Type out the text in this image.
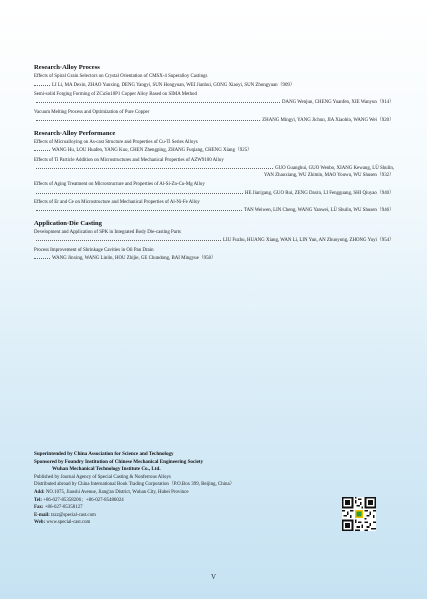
Research·Alloy Process
Effects of Spiral Grain Selectors on Crystal Orientation of CMSX-4 Superalloy Castings
LI Li, MA Dexin, ZHAO Yunxing, DENG Yangyi, SUN Hongyuan, WEI Jianhui, GONG Xiaoyi, SUN Zhongyuan（909）
Semi-solid Forging Forming of ZCuSn10P1 Copper Alloy Based on SIMA Method
DANG Wenjun, CHENG Yuanfen, XIE Wanyun（914）
Vacuum Melting Process and Optimization of Pure Copper
ZHANG Mingyi, YANG Jichun, JIA Xiaobin, WANG Wei（920）
Research·Alloy Performance
Effects of Microalloying on As-cast Structure and Properties of Cu-Ti Series Alloys
WANG Hu, LOU Huafen, YANG Kuo, CHEN Zhengping, ZHANG Fuqiang, CHENG Xiang（925）
Effects of Ti Particle Addition on Microstructures and Mechanical Properties of AZW9100 Alloy
GUO Guanghui, GUO Wenbo, XIANG Kewang, LÜ Shulin,
YAN Zhaoxiang, WU Zhimin, MAO Youwu, WU Shusen（932）
Effects of Aging Treatment on Microstructure and Properties of Al-Si-Zn-Cu-Mg Alloy
HE Jian'gang, GUO Rui, ZENG Daxin, LI Fengguang, SHI Qiuyao（940）
Effects of Er and Ce on Microstructure and Mechanical Properties of Al-Ni-Fe Alloy
TAN Weiwen, LIN Cheng, WANG Yanwei, LÜ Shulin, WU Shusen（946）
Application·Die Casting
Development and Application of SPK in Integrated Body Die-casting Parts
LIU Fuzhu, HUANG Xiang, WAN Li, LIN Yun, AN Zhuoyong, ZHONG Yuyi（954）
Process Improvement of Shrinkage Cavities in Oil Pan Drain
WANG Jinxing, WANG Linlin, HOU Zhijie, GE Chundong, BAI Mingyue（958）
Superintended by China Association for Science and Technology
Sponsored by Foundry Institution of Chinese Mechanical Engineering Society
Wuhan Mechanical Technology Institute Co., Ltd.
Published by Journal Agency of Special Casting & Nonferrous Alloys
Distributed abroad by China International Book Trading Corporation（P.O.Box 399, Beijing, China）
Add: NO.1075, Jiaoshi Avenue, Jiang'an District, Wuhan City, Hubei Province
Tel: +86-027-85358206；+86-027-85486024
Fax: +86-027-85358127
E-mail: tzzz@special-cast.com
Web: www.special-cast.com
V
